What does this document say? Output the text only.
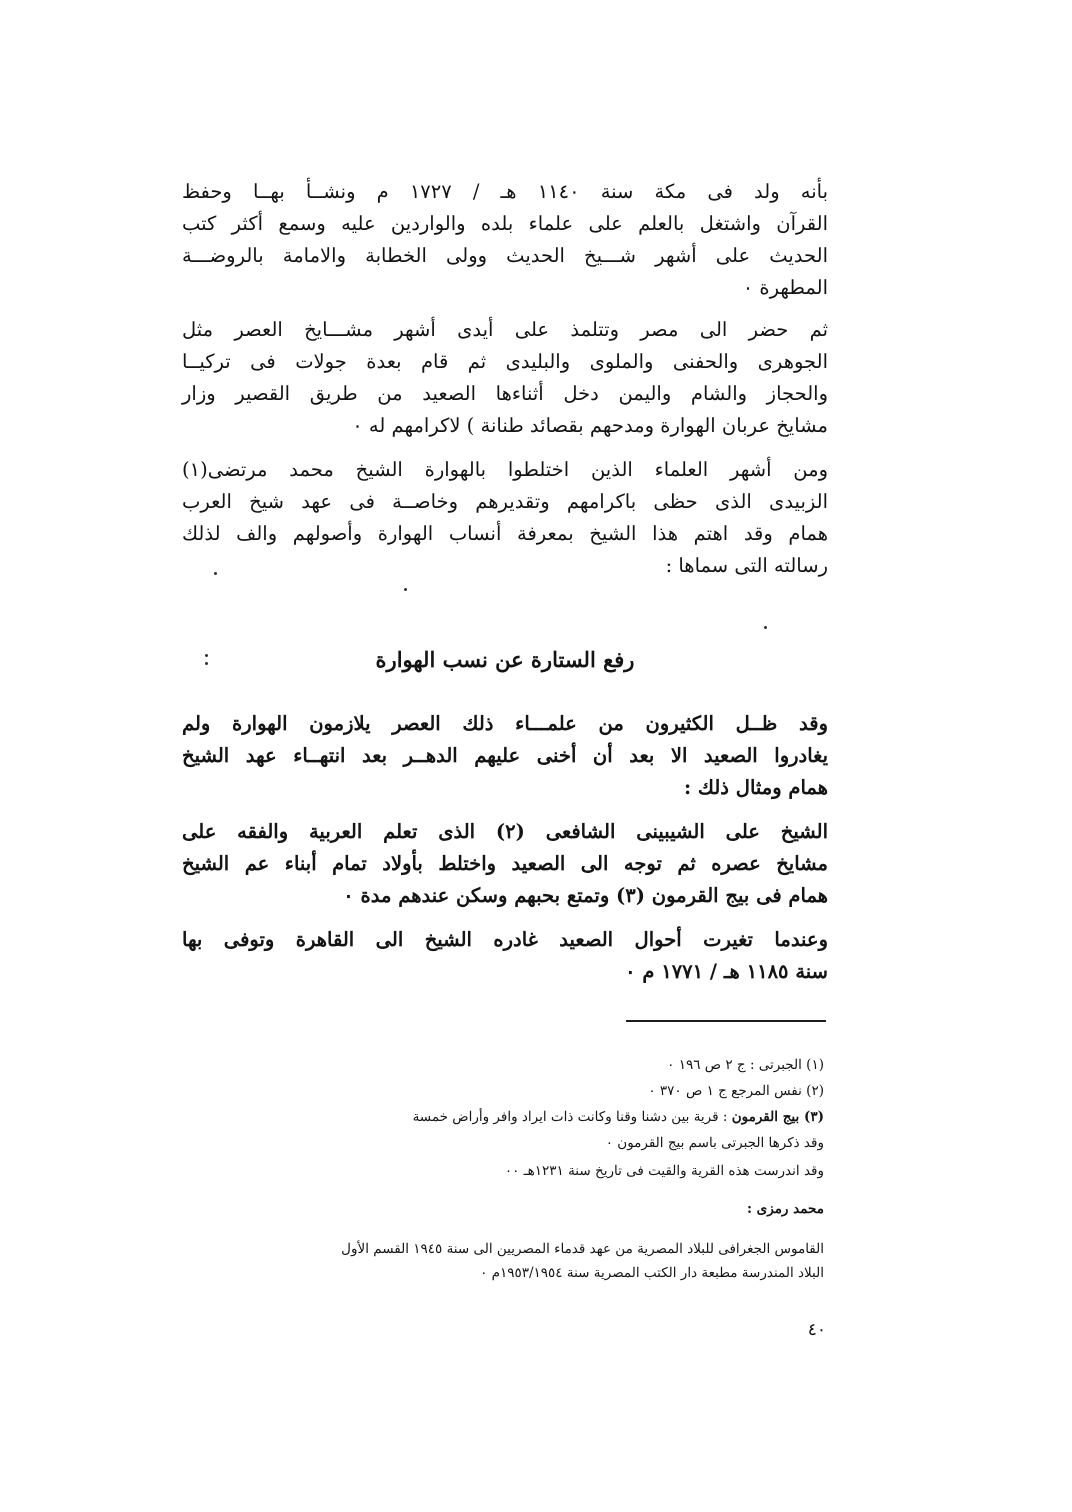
بأنه ولد فى مكة سنة ١١٤٠ هـ / ١٧٢٧ م ونشــأ بهــا وحفظ
القرآن واشتغل بالعلم على علماء بلده والواردين عليه وسمع أكثر كتب
الحديث على أشهر شـــيخ الحديث وولى الخطابة والامامة بالروضـــة
المطهرة ٠
ثم حضر الى مصر وتتلمذ على أيدى أشهر مشـــايخ العصر مثل
الجوهرى والحفنى والملوى والبليدى ثم قام بعدة جولات فى تركيــا
والحجاز والشام واليمن دخل أثناءها الصعيد من طريق القصير وزار
مشايخ عربان الهوارة ومدحهم بقصائد طنانة ) لاكرامهم له ٠
ومن أشهر العلماء الذين اختلطوا بالهوارة الشيخ محمد مرتضى(١)
الزبيدى الذى حظى باكرامهم وتقديرهم وخاصــة فى عهد شيخ العرب
همام وقد اهتم هذا الشيخ بمعرفة أنساب الهوارة وأصولهم والف لذلك
رسالته التى سماها :
رفع الستارة عن نسب الهوارة
وقد ظــل الكثيرون من علمـــاء ذلك العصر يلازمون الهوارة ولم
يغادروا الصعيد الا بعد أن أخنى عليهم الدهــر بعد انتهــاء عهد الشيخ
همام ومثال ذلك :
الشيخ على الشيبينى الشافعى (٢) الذى تعلم العربية والفقه على
مشايخ عصره ثم توجه الى الصعيد واختلط بأولاد تمام أبناء عم الشيخ
همام فى بيج القرمون (٣) وتمتع بحبهم وسكن عندهم مدة ٠
وعندما تغيرت أحوال الصعيد غادره الشيخ الى القاهرة وتوفى بها
سنة ١١٨٥ هـ / ١٧٧١ م ٠
(١) الجبرتى : ج ٢ ص ١٩٦ ٠
(٢) نفس المرجع ج ١ ص ٣٧٠ ٠
(٣) بيج القرمون : قرية بين دشنا وقنا وكانت ذات ايراد وافر وأراض خمسة
وقد ذكرها الجبرتى باسم بيج القرمون ٠
وقد اندرست هذه القرية والقيت فى تاريخ سنة ١٢٣١هـ ٠٠
محمد رمزى :
القاموس الجغرافى للبلاد المصرية من عهد قدماء المصريين الى سنة ١٩٤٥ القسم الأول
البلاد المندرسة مطبعة دار الكتب المصرية سنة ١٩٥٣/١٩٥٤م ٠
٤٠
